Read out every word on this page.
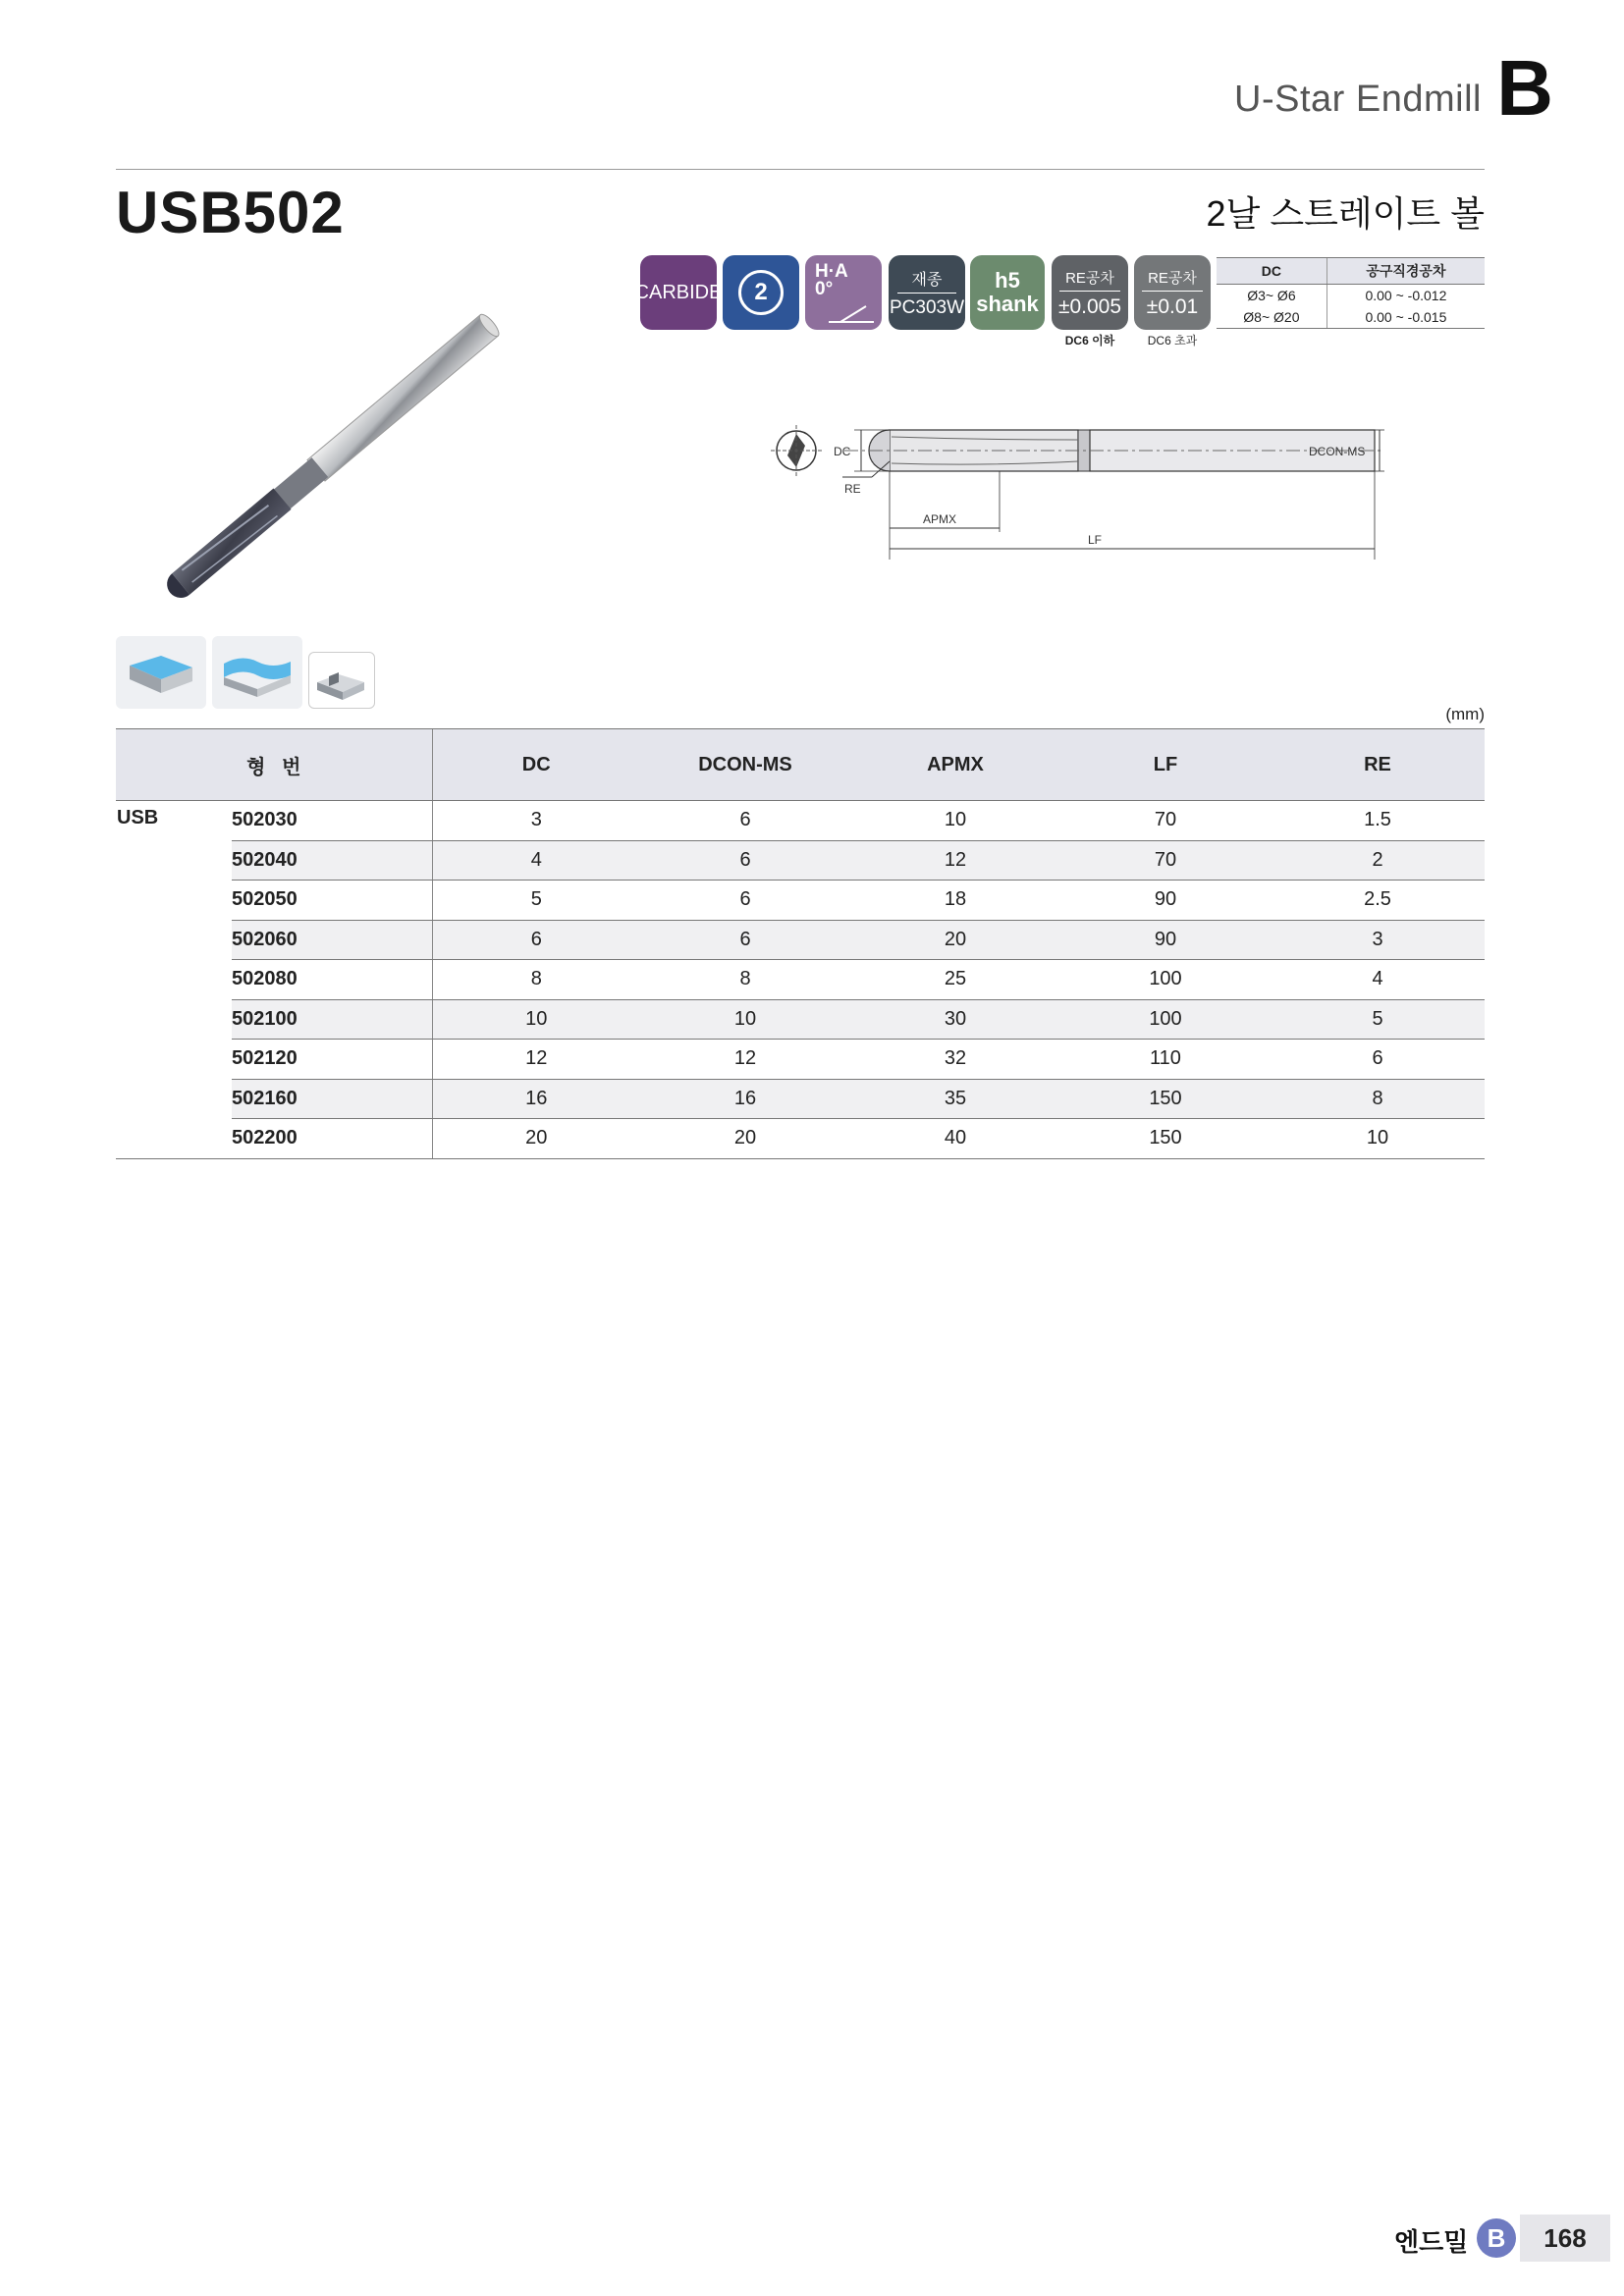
U-Star Endmill B
USB502	2날 스트레이트 볼
CARBIDE	2
H·A
0°	재종
PC303W
h5
shank
RE공차
±0.005
RE공차
±0.01
DC6 이하	DC6 초과
DC	공구직경공차
Ø3~ Ø6	0.00 ~ -0.012
Ø8~ Ø20	0.00 ~ -0.015
DC
RE
DCON-MS
APMX
LF
(mm)
형   번		DC	DCON-MS	APMX	LF	RE
USB	502030	3	6	10	70	1.5
	502040	4	6	12	70	2
	502050	5	6	18	90	2.5
	502060	6	6	20	90	3
	502080	8	8	25	100	4
	502100	10	10	30	100	5
	502120	12	12	32	110	6
	502160	16	16	35	150	8
	502200	20	20	40	150	10
엔드밀 B	168
